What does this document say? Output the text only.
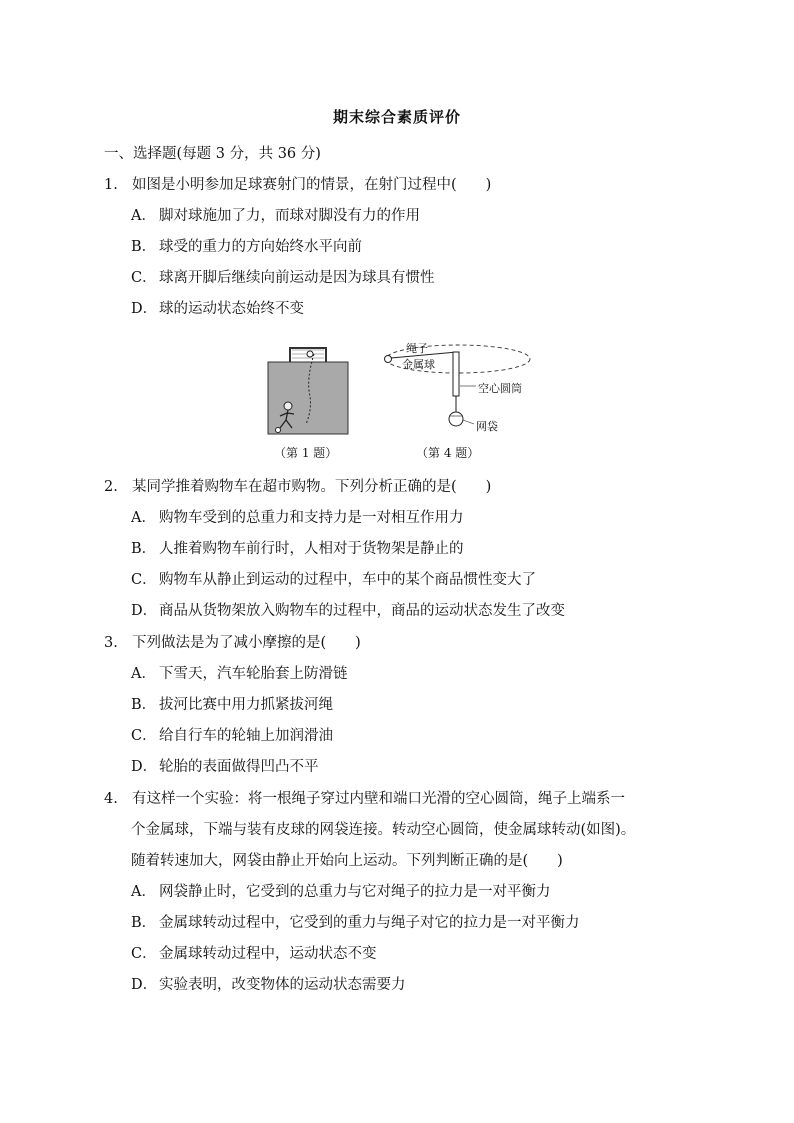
期末综合素质评价
一、选择题(每题 3 分，共 36 分)
1. 如图是小明参加足球赛射门的情景，在射门过程中(　　)
A． 脚对球施加了力，而球对脚没有力的作用
B． 球受的重力的方向始终水平向前
C． 球离开脚后继续向前运动是因为球具有惯性
D． 球的运动状态始终不变
绳子
金属球
空心圆筒
网袋
（第 1 题）	（第 4 题）
2. 某同学推着购物车在超市购物。下列分析正确的是(　　)
A． 购物车受到的总重力和支持力是一对相互作用力
B． 人推着购物车前行时，人相对于货物架是静止的
C． 购物车从静止到运动的过程中，车中的某个商品惯性变大了
D． 商品从货物架放入购物车的过程中，商品的运动状态发生了改变
3. 下列做法是为了减小摩擦的是(　　)
A． 下雪天，汽车轮胎套上防滑链
B． 拔河比赛中用力抓紧拔河绳
C． 给自行车的轮轴上加润滑油
D． 轮胎的表面做得凹凸不平
4. 有这样一个实验：将一根绳子穿过内壁和端口光滑的空心圆筒，绳子上端系一
个金属球，下端与装有皮球的网袋连接。转动空心圆筒，使金属球转动(如图)。
随着转速加大，网袋由静止开始向上运动。下列判断正确的是(　　)
A． 网袋静止时，它受到的总重力与它对绳子的拉力是一对平衡力
B． 金属球转动过程中，它受到的重力与绳子对它的拉力是一对平衡力
C． 金属球转动过程中，运动状态不变
D． 实验表明，改变物体的运动状态需要力
